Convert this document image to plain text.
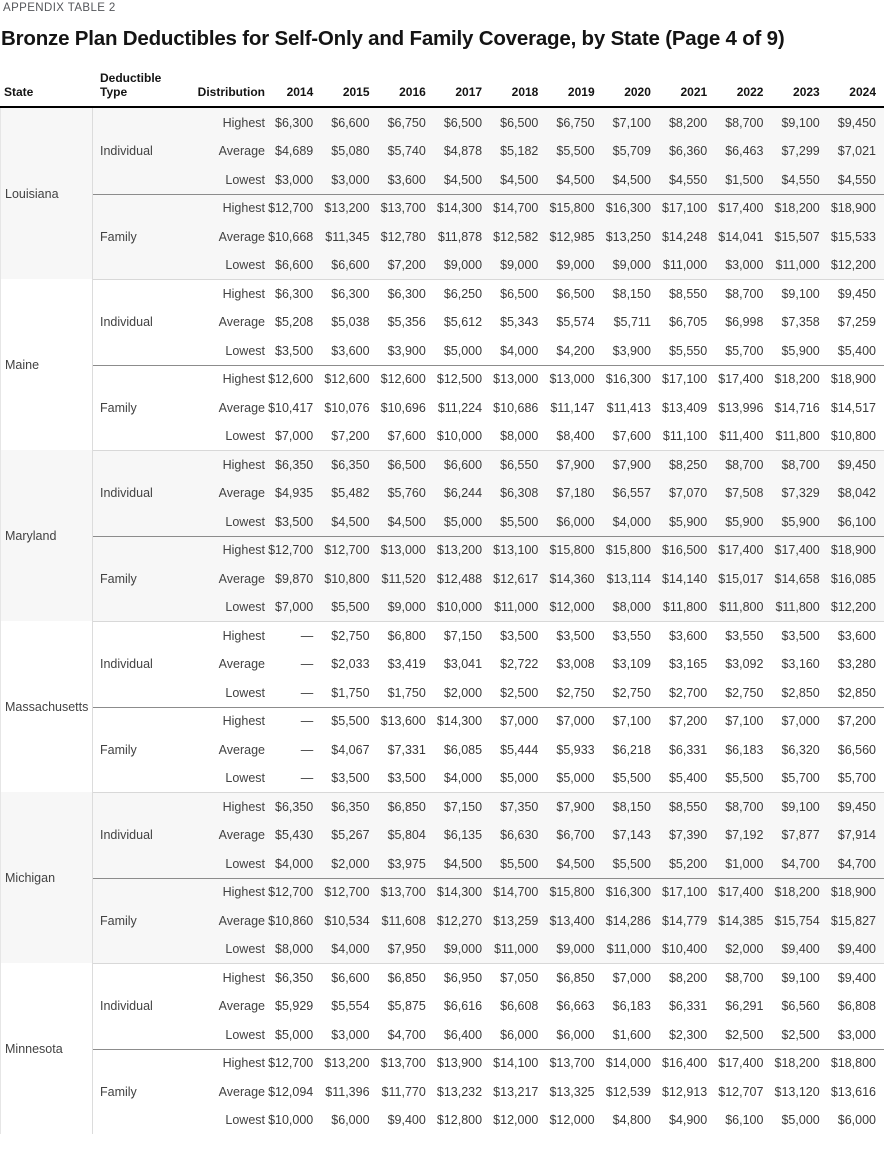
APPENDIX TABLE 2
Bronze Plan Deductibles for Self-Only and Family Coverage, by State (Page 4 of 9)
State
Deductible Type	Distribution	2014	2015	2016	2017	2018	2019	2020	2021	2022	2023	2024
Louisiana
Individual
Highest $6,300	$6,600	$6,750	$6,500	$6,500	$6,750	$7,100	$8,200	$8,700	$9,100	$9,450
Average $4,689	$5,080	$5,740	$4,878	$5,182	$5,500	$5,709	$6,360	$6,463	$7,299	$7,021
Lowest $3,000	$3,000	$3,600	$4,500	$4,500	$4,500	$4,500	$4,550	$1,500	$4,550	$4,550
Family
Highest $12,700 $13,200 $13,700 $14,300 $14,700 $15,800 $16,300 $17,100 $17,400 $18,200 $18,900
Average $10,668 $11,345 $12,780 $11,878 $12,582 $12,985 $13,250 $14,248 $14,041 $15,507 $15,533
Lowest $6,600	$6,600	$7,200	$9,000	$9,000	$9,000	$9,000 $11,000	$3,000 $11,000 $12,200
Maine
Individual
Highest $6,300	$6,300	$6,300	$6,250	$6,500	$6,500	$8,150	$8,550	$8,700	$9,100	$9,450
Average $5,208	$5,038	$5,356	$5,612	$5,343	$5,574	$5,711	$6,705	$6,998	$7,358	$7,259
Lowest $3,500	$3,600	$3,900	$5,000	$4,000	$4,200	$3,900	$5,550	$5,700	$5,900	$5,400
Family
Highest $12,600 $12,600 $12,600 $12,500 $13,000 $13,000 $16,300 $17,100 $17,400 $18,200 $18,900
Average $10,417 $10,076 $10,696 $11,224 $10,686 $11,147 $11,413 $13,409 $13,996 $14,716 $14,517
Lowest $7,000	$7,200	$7,600 $10,000	$8,000	$8,400	$7,600 $11,100 $11,400 $11,800 $10,800
Maryland
Individual
Highest $6,350	$6,350	$6,500	$6,600	$6,550	$7,900	$7,900	$8,250	$8,700	$8,700	$9,450
Average $4,935	$5,482	$5,760	$6,244	$6,308	$7,180	$6,557	$7,070	$7,508	$7,329	$8,042
Lowest $3,500	$4,500	$4,500	$5,000	$5,500	$6,000	$4,000	$5,900	$5,900	$5,900	$6,100
Family
Highest $12,700 $12,700 $13,000 $13,200 $13,100 $15,800 $15,800 $16,500 $17,400 $17,400 $18,900
Average $9,870 $10,800 $11,520 $12,488 $12,617 $14,360 $13,114 $14,140 $15,017 $14,658 $16,085
Lowest $7,000	$5,500	$9,000 $10,000 $11,000 $12,000	$8,000 $11,800 $11,800 $11,800 $12,200
Massachusetts
Individual
Highest	—	$2,750	$6,800	$7,150	$3,500	$3,500	$3,550	$3,600	$3,550	$3,500	$3,600
Average	—	$2,033	$3,419	$3,041	$2,722	$3,008	$3,109	$3,165	$3,092	$3,160	$3,280
Lowest	—	$1,750	$1,750	$2,000	$2,500	$2,750	$2,750	$2,700	$2,750	$2,850	$2,850
Family
Highest	—	$5,500 $13,600 $14,300	$7,000	$7,000	$7,100	$7,200	$7,100	$7,000	$7,200
Average	—	$4,067	$7,331	$6,085	$5,444	$5,933	$6,218	$6,331	$6,183	$6,320	$6,560
Lowest	—	$3,500	$3,500	$4,000	$5,000	$5,000	$5,500	$5,400	$5,500	$5,700	$5,700
Michigan
Individual
Highest $6,350	$6,350	$6,850	$7,150	$7,350	$7,900	$8,150	$8,550	$8,700	$9,100	$9,450
Average $5,430	$5,267	$5,804	$6,135	$6,630	$6,700	$7,143	$7,390	$7,192	$7,877	$7,914
Lowest $4,000	$2,000	$3,975	$4,500	$5,500	$4,500	$5,500	$5,200	$1,000	$4,700	$4,700
Family
Highest $12,700 $12,700 $13,700 $14,300 $14,700 $15,800 $16,300 $17,100 $17,400 $18,200 $18,900
Average $10,860 $10,534 $11,608 $12,270 $13,259 $13,400 $14,286 $14,779 $14,385 $15,754 $15,827
Lowest $8,000	$4,000	$7,950	$9,000 $11,000	$9,000 $11,000 $10,400	$2,000	$9,400	$9,400
Minnesota
Individual
Highest $6,350	$6,600	$6,850	$6,950	$7,050	$6,850	$7,000	$8,200	$8,700	$9,100	$9,400
Average $5,929	$5,554	$5,875	$6,616	$6,608	$6,663	$6,183	$6,331	$6,291	$6,560	$6,808
Lowest $5,000	$3,000	$4,700	$6,400	$6,000	$6,000	$1,600	$2,300	$2,500	$2,500	$3,000
Family
Highest $12,700 $13,200 $13,700 $13,900 $14,100 $13,700 $14,000 $16,400 $17,400 $18,200 $18,800
Average $12,094 $11,396 $11,770 $13,232 $13,217 $13,325 $12,539 $12,913 $12,707 $13,120 $13,616
Lowest $10,000	$6,000	$9,400 $12,800 $12,000 $12,000	$4,800	$4,900	$6,100	$5,000	$6,000
